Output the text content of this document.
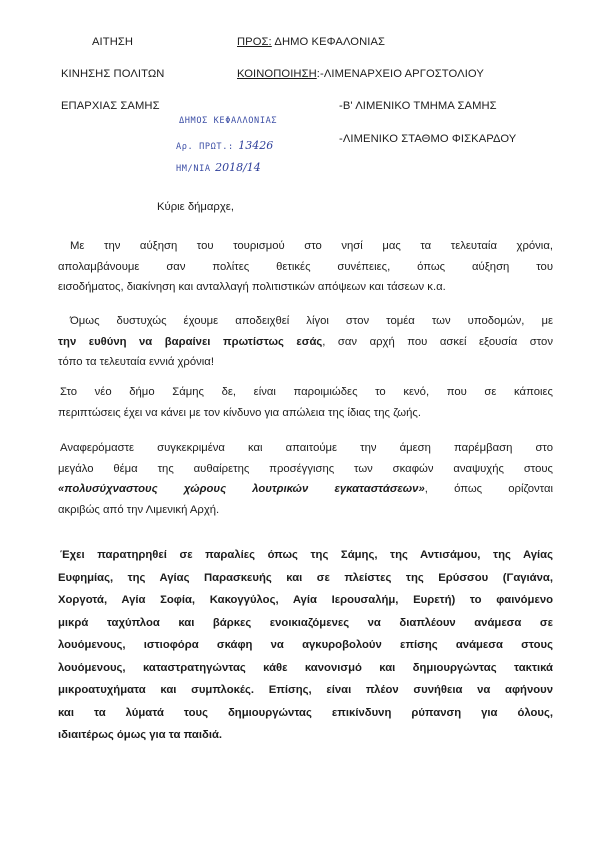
ΑΙΤΗΣΗ
ΚΙΝΗΣΗΣ ΠΟΛΙΤΩΝ
ΕΠΑΡΧΙΑΣ ΣΑΜΗΣ
ΠΡΟΣ: ΔΗΜΟ ΚΕΦΑΛΟΝΙΑΣ
ΚΟΙΝΟΠΟΙΗΣΗ:-ΛΙΜΕΝΑΡΧΕΙΟ ΑΡΓΟΣΤΟΛΙΟΥ
-Β' ΛΙΜΕΝΙΚΟ ΤΜΗΜΑ ΣΑΜΗΣ
-ΛΙΜΕΝΙΚΟ ΣΤΑΘΜΟ ΦΙΣΚΑΡΔΟΥ
ΔΗΜΟΣ ΚΕΦΑΛΛΟΝΙΑΣ
Αρ. ΠΡΩΤ.: 13426
ΗΜ/ΝΙΑ 2018/14
Κύριε δήμαρχε,
Με την αύξηση του τουρισμού στο νησί μας τα τελευταία χρόνια,
απολαμβάνουμε σαν πολίτες θετικές συνέπειες, όπως αύξηση του
εισοδήματος, διακίνηση και ανταλλαγή πολιτιστικών απόψεων και τάσεων κ.α.
Όμως δυστυχώς έχουμε αποδειχθεί λίγοι στον τομέα των υποδομών, με
την ευθύνη να βαραίνει πρωτίστως εσάς, σαν αρχή που ασκεί εξουσία στον
τόπο τα τελευταία εννιά χρόνια!
Στο νέο δήμο Σάμης δε, είναι παροιμιώδες το κενό, που σε κάποιες
περιπτώσεις έχει να κάνει με τον κίνδυνο για απώλεια της ίδιας της ζωής.
Αναφερόμαστε συγκεκριμένα και απαιτούμε την άμεση παρέμβαση στο
μεγάλο θέμα της αυθαίρετης προσέγγισης των σκαφών αναψυχής στους
«πολυσύχναστους χώρους λουτρικών εγκαταστάσεων», όπως ορίζονται
ακριβώς από την Λιμενική Αρχή.
Έχει παρατηρηθεί σε παραλίες όπως της Σάμης, της Αντισάμου, της Αγίας
Ευφημίας, της Αγίας Παρασκευής και σε πλείστες της Ερύσσου (Γαγιάνα,
Χοργοτά, Αγία Σοφία, Κακογγύλος, Αγία Ιερουσαλήμ, Ευρετή) το φαινόμενο
μικρά ταχύπλοα και βάρκες ενοικιαζόμενες να διαπλέουν ανάμεσα σε
λουόμενους, ιστιοφόρα σκάφη να αγκυροβολούν επίσης ανάμεσα στους
λουόμενους, καταστρατηγώντας κάθε κανονισμό και δημιουργώντας τακτικά
μικροατυχήματα και συμπλοκές. Επίσης, είναι πλέον συνήθεια να αφήνουν
και τα λύματά τους δημιουργώντας επικίνδυνη ρύπανση για όλους,
ιδιαιτέρως όμως για τα παιδιά.
